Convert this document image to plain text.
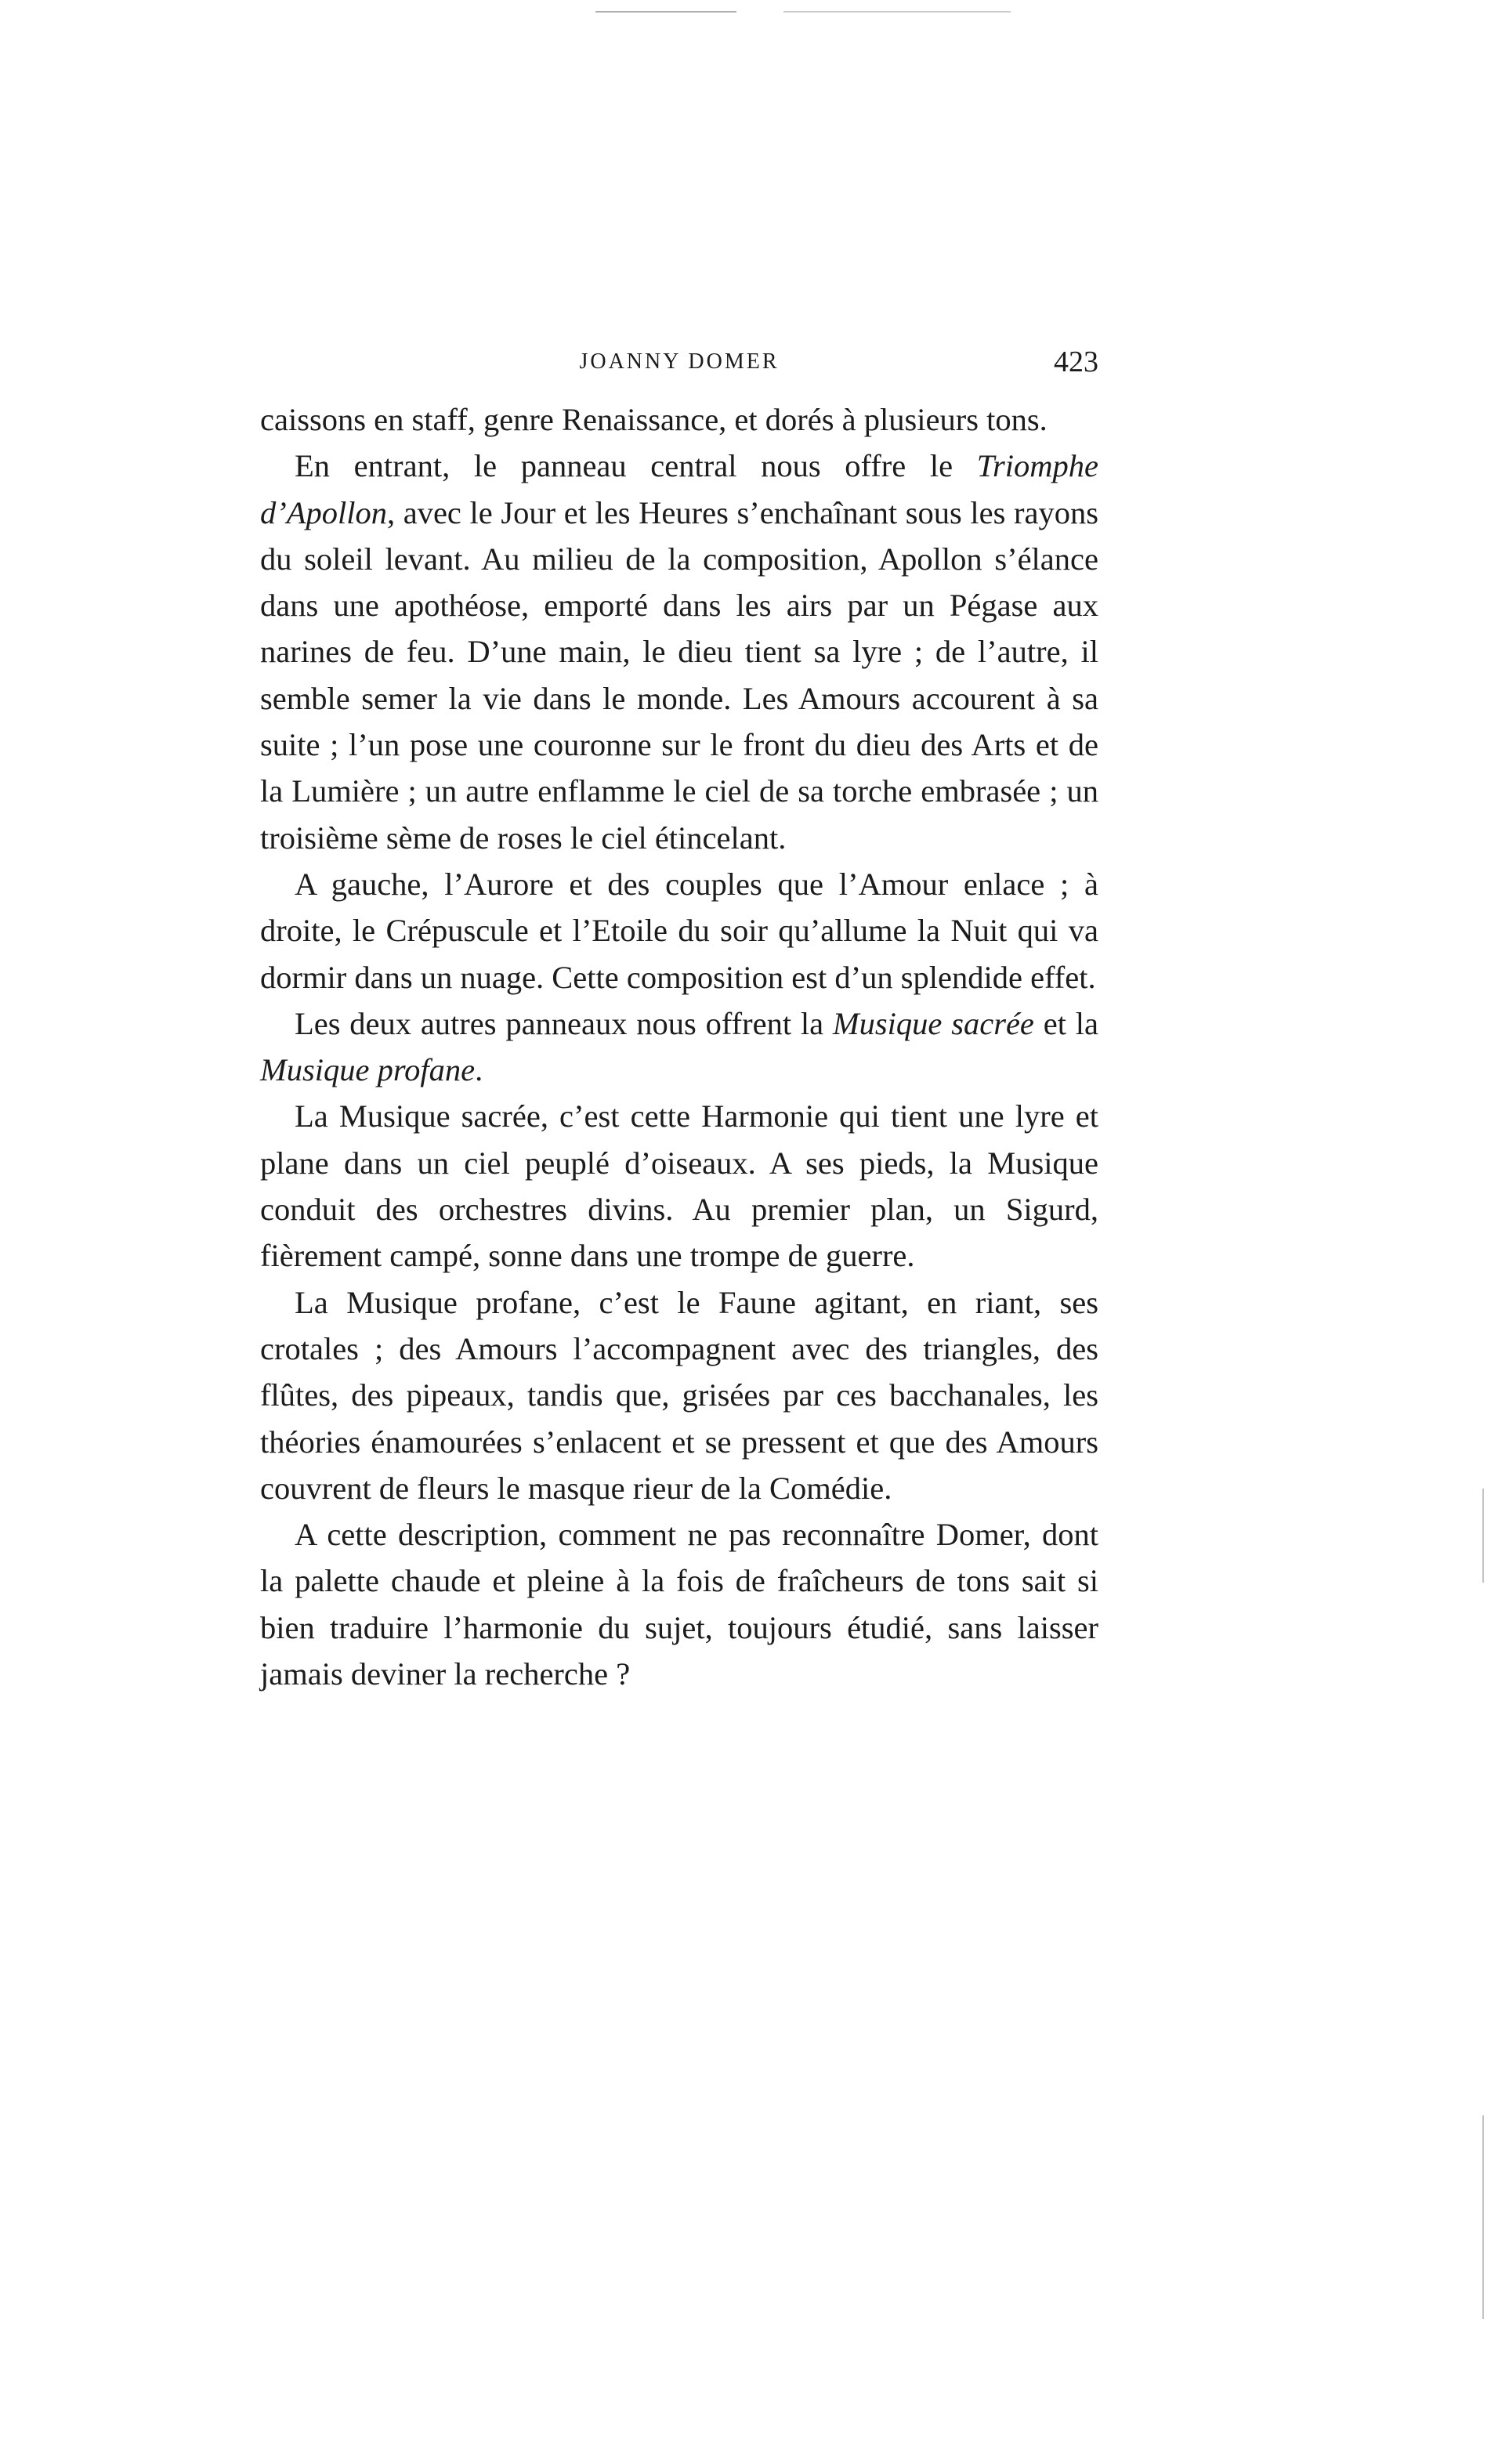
JOANNY DOMER	423

caissons en staff, genre Renaissance, et dorés à plusieurs tons.

En entrant, le panneau central nous offre le Triomphe d’Apollon, avec le Jour et les Heures s’enchaînant sous les rayons du soleil levant. Au milieu de la composition, Apollon s’élance dans une apothéose, emporté dans les airs par un Pégase aux narines de feu. D’une main, le dieu tient sa lyre ; de l’autre, il semble semer la vie dans le monde. Les Amours accourent à sa suite ; l’un pose une couronne sur le front du dieu des Arts et de la Lumière ; un autre enflamme le ciel de sa torche embrasée ; un troisième sème de roses le ciel étincelant.

A gauche, l’Aurore et des couples que l’Amour enlace ; à droite, le Crépuscule et l’Etoile du soir qu’allume la Nuit qui va dormir dans un nuage. Cette composition est d’un splendide effet.

Les deux autres panneaux nous offrent la Musique sacrée et la Musique profane.

La Musique sacrée, c’est cette Harmonie qui tient une lyre et plane dans un ciel peuplé d’oiseaux. A ses pieds, la Musique conduit des orchestres divins. Au premier plan, un Sigurd, fièrement campé, sonne dans une trompe de guerre.

La Musique profane, c’est le Faune agitant, en riant, ses crotales ; des Amours l’accompagnent avec des triangles, des flûtes, des pipeaux, tandis que, grisées par ces bacchanales, les théories énamourées s’enlacent et se pressent et que des Amours couvrent de fleurs le masque rieur de la Comédie.

A cette description, comment ne pas reconnaître Domer, dont la palette chaude et pleine à la fois de fraîcheurs de tons sait si bien traduire l’harmonie du sujet, toujours étudié, sans laisser jamais deviner la recherche ?
